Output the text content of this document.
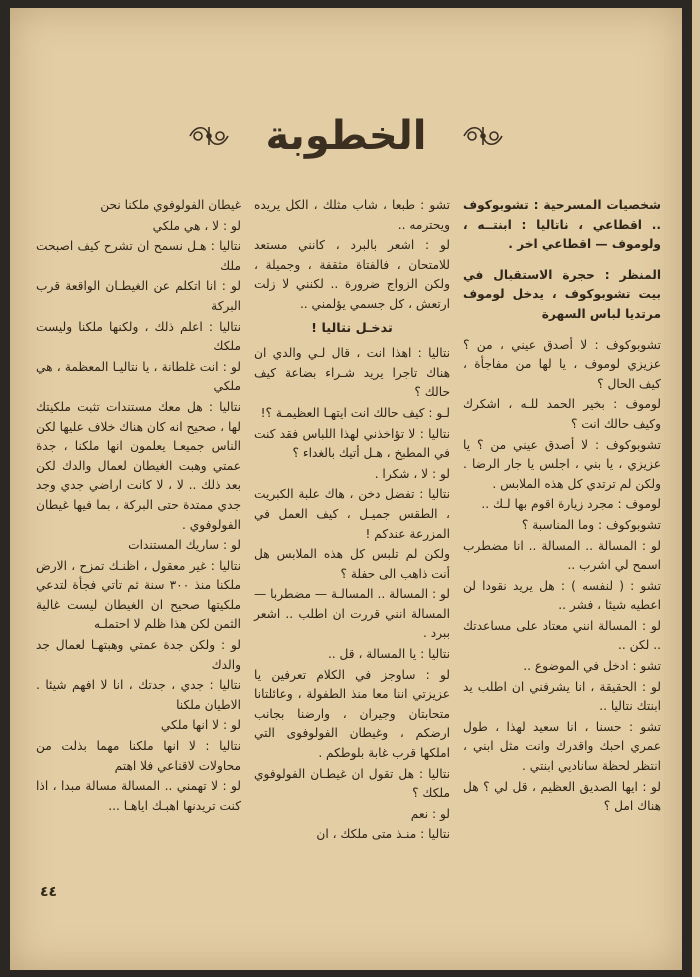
الخطوبة

شخصيات المسرحية : تشوبوكوف .. اقطاعي ، ناتاليا : ابنتــه ، ولوموف — اقطاعي اخر .

المنظر : حجرة الاستقبال في بيت تشوبوكوف ، يدخل لوموف مرتديا لباس السهرة

تشوبوكوف : لا أصدق عيني ، من ؟ عزيزي لوموف ، يا لها من مفاجأة ، كيف الحال ؟

لوموف : بخير الحمد للـه ، اشكرك وكيف حالك انت ؟

تشوبوكوف : لا أصدق عيني من ؟ يا عزيزي ، يا بني ، اجلس يا جار الرضا . ولكن لم ترتدي كل هذه الملابس .

لوموف : مجرد زيارة اقوم بها لـك ..

تشوبوكوف : وما المناسبة ؟

لو : المسالة .. المسالة .. انا مضطرب اسمح لي اشرب ..

تشو : ( لنفسه ) : هل يريد نقودا لن اعطيه شيئا ، فشر ..

لو : المسالة انني معتاد على مساعدتك .. لكن ..

تشو : ادخل في الموضوع ..

لو : الحقيقة ، انا يشرفني ان اطلب يد ابنتك نتاليا ..

تشو : حسنا ، انا سعيد لهذا ، طول عمري احبك واقدرك وانت مثل ابني ، انتظر لحظة ساناديي ابنتي .

لو : ايها الصديق العظيم ، قل لي ؟ هل هناك امل ؟

تشو : طبعا ، شاب مثلك ، الكل يريده ويحترمه ..

لو : اشعر بالبرد ، كانني مستعد للامتحان ، فالفتاة مثقفة ، وجميلة ، ولكن الزواج ضرورة .. لكنني لا زلت ارتعش ، كل جسمي يؤلمني ..

تدخـل نتاليا !

نتاليا : اهذا انت ، قال لـي والدي ان هناك تاجرا يريد شـراء بضاعة كيف حالك ؟

لـو : كيف حالك انت ايتهـا العظيمـة ؟!

نتاليا : لا تؤاخذني لهذا اللباس فقد كنت في المطبخ ، هـل أتيك بالغداء ؟

لو : لا ، شكرا .

نتاليا : تفضل دخن ، هاك علبة الكبريت ، الطقس جميـل ، كيف العمل في المزرعة عندكم !

ولكن لم تلبس كل هذه الملابس هل أنت ذاهب الى حفلة ؟

لو : المسالة .. المسالـة — مضطربا — المسالة انني قررت ان اطلب .. اشعر ببرد .

نتاليا : يا المسالة ، قل ..

لو : ساوجز في الكلام تعرفين يا عزيزتي اننا معا منذ الطفولة ، وعائلتانا متحابتان وجيران ، وارضنا بجانب ارضكم ، وغيطان الفولوفوى التي املكها قرب غابة بلوطكم .

نتاليا : هل تقول ان غيطـان الفولوفوي ملكك ؟

لو : نعم

نتاليا : منـذ متى ملكك ، ان

غيطان الفولوفوي ملكنا نحن

لو : لا ، هي ملكي

نتاليا : هـل نسمح ان تشرح كيف اصبحت ملك

لو : انا اتكلم عن الغيطـان الواقعة قرب البركة

نتاليا : اعلم ذلك ، ولكنها ملكنا وليست ملكك

لو : انت غلطانة ، يا نتاليـا المعظمة ، هي ملكي

نتاليا : هل معك مستندات تثبت ملكيتك لها ، صحيح انه كان هناك خلاف عليها لكن الناس جميعـا يعلمون انها ملكنا ، جدة عمتي وهبت الغيطان لعمال والدك لكن بعد ذلك .. لا ، لا كانت اراضي جدي وجد جدي ممتدة حتى البركة ، بما فيها غيطان الفولوفوي .

لو : ساريك المستندات

نتاليا : غير معقول ، اظنـك تمزح ، الارض ملكنا منذ ٣٠٠ سنة ثم تاتي فجأة لتدعي ملكيتها صحيح ان الغيطان ليست غالية الثمن لكن هذا ظلم لا احتملـه

لو : ولكن جدة عمتي وهبتهـا لعمال جد والدك

نتاليا : جدي ، جدتك ، انا لا افهم شيئا . الاطيان ملكنا

لو : لا انها ملكي

نتاليا : لا انها ملكنا مهما بذلت من محاولات لاقناعي فلا اهتم

لو : لا تهمني .. المسالة مسالة مبدا ، اذا كنت تريدنها اهبـك اياهـا ...

٤٤
